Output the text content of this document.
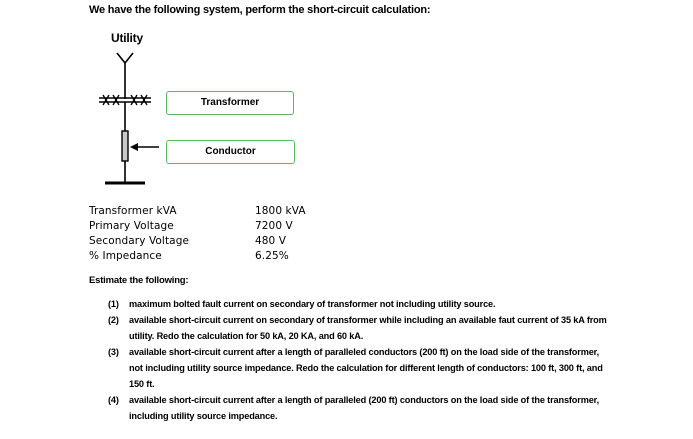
We have the following system, perform the short-circuit calculation:
Utility
Transformer
Conductor
Transformer kVA	1800 kVA
Primary Voltage	7200 V
Secondary Voltage	480 V
% Impedance	6.25%
Estimate the following:
(1) maximum bolted fault current on secondary of transformer not including utility source.
(2) available short-circuit current on secondary of transformer while including an available faut current of 35 kA from utility. Redo the calculation for 50 kA, 20 KA, and 60 kA.
(3) available short-circuit current after a length of paralleled conductors (200 ft) on the load side of the transformer, not including utility source impedance. Redo the calculation for different length of conductors: 100 ft, 300 ft, and 150 ft.
(4) available short-circuit current after a length of paralleled (200 ft) conductors on the load side of the transformer, including utility source impedance.
